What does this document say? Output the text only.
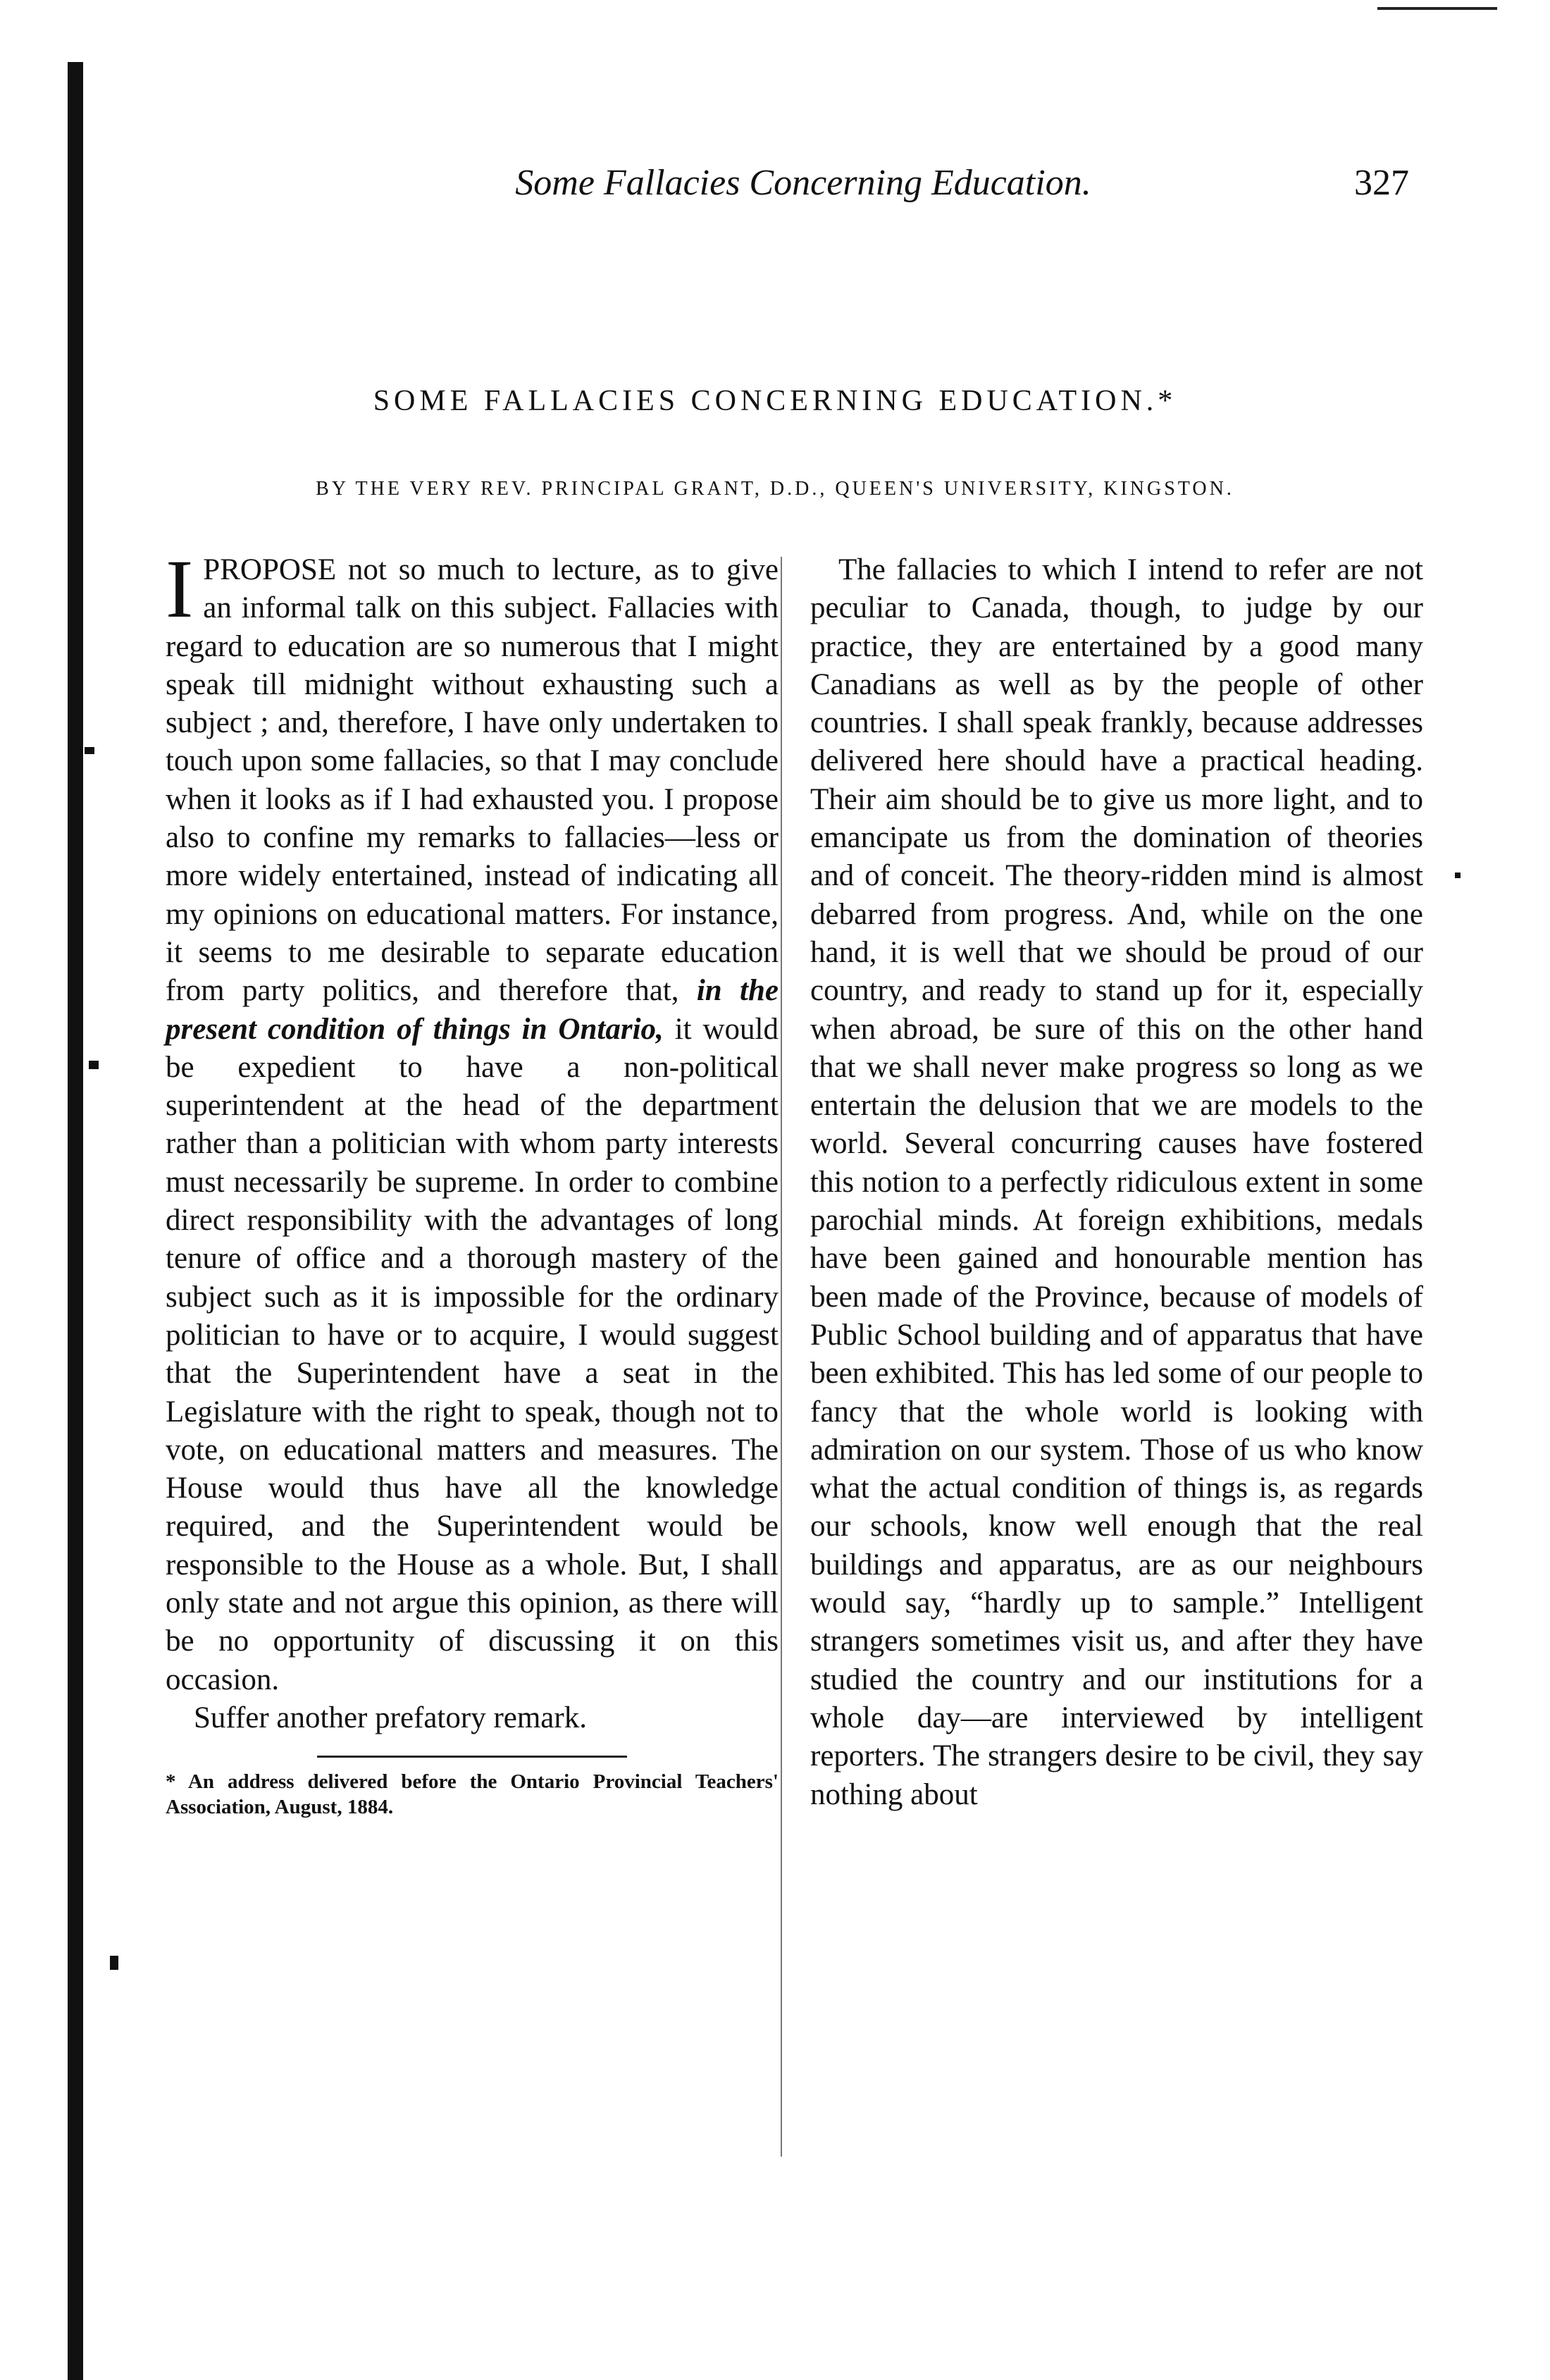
Some Fallacies Concerning Education.	327
SOME FALLACIES CONCERNING EDUCATION.*
BY THE VERY REV. PRINCIPAL GRANT, D.D., QUEEN'S UNIVERSITY, KINGSTON.

I PROPOSE not so much to lecture, as to give an informal talk on this subject. Fallacies with regard to education are so numerous that I might speak till midnight without exhausting such a subject ; and, therefore, I have only undertaken to touch upon some fallacies, so that I may conclude when it looks as if I had exhausted you. I propose also to confine my remarks to fallacies—less or more widely entertained, instead of indicating all my opinions on educational matters. For instance, it seems to me desirable to separate education from party politics, and therefore that, in the present condition of things in Ontario, it would be expedient to have a non-political superintendent at the head of the department rather than a politician with whom party interests must necessarily be supreme. In order to combine direct responsibility with the advantages of long tenure of office and a thorough mastery of the subject such as it is impossible for the ordinary politician to have or to acquire, I would suggest that the Superintendent have a seat in the Legislature with the right to speak, though not to vote, on educational matters and measures. The House would thus have all the knowledge required, and the Superintendent would be responsible to the House as a whole. But, I shall only state and not argue this opinion, as there will be no opportunity of discussing it on this occasion.

Suffer another prefatory remark.

* An address delivered before the Ontario Provincial Teachers' Association, August, 1884.

The fallacies to which I intend to refer are not peculiar to Canada, though, to judge by our practice, they are entertained by a good many Canadians as well as by the people of other countries. I shall speak frankly, because addresses delivered here should have a practical heading. Their aim should be to give us more light, and to emancipate us from the domination of theories and of conceit. The theory-ridden mind is almost debarred from progress. And, while on the one hand, it is well that we should be proud of our country, and ready to stand up for it, especially when abroad, be sure of this on the other hand that we shall never make progress so long as we entertain the delusion that we are models to the world. Several concurring causes have fostered this notion to a perfectly ridiculous extent in some parochial minds. At foreign exhibitions, medals have been gained and honourable mention has been made of the Province, because of models of Public School building and of apparatus that have been exhibited. This has led some of our people to fancy that the whole world is looking with admiration on our system. Those of us who know what the actual condition of things is, as regards our schools, know well enough that the real buildings and apparatus, are as our neighbours would say, “hardly up to sample.” Intelligent strangers sometimes visit us, and after they have studied the country and our institutions for a whole day—are interviewed by intelligent reporters. The strangers desire to be civil, they say nothing about
